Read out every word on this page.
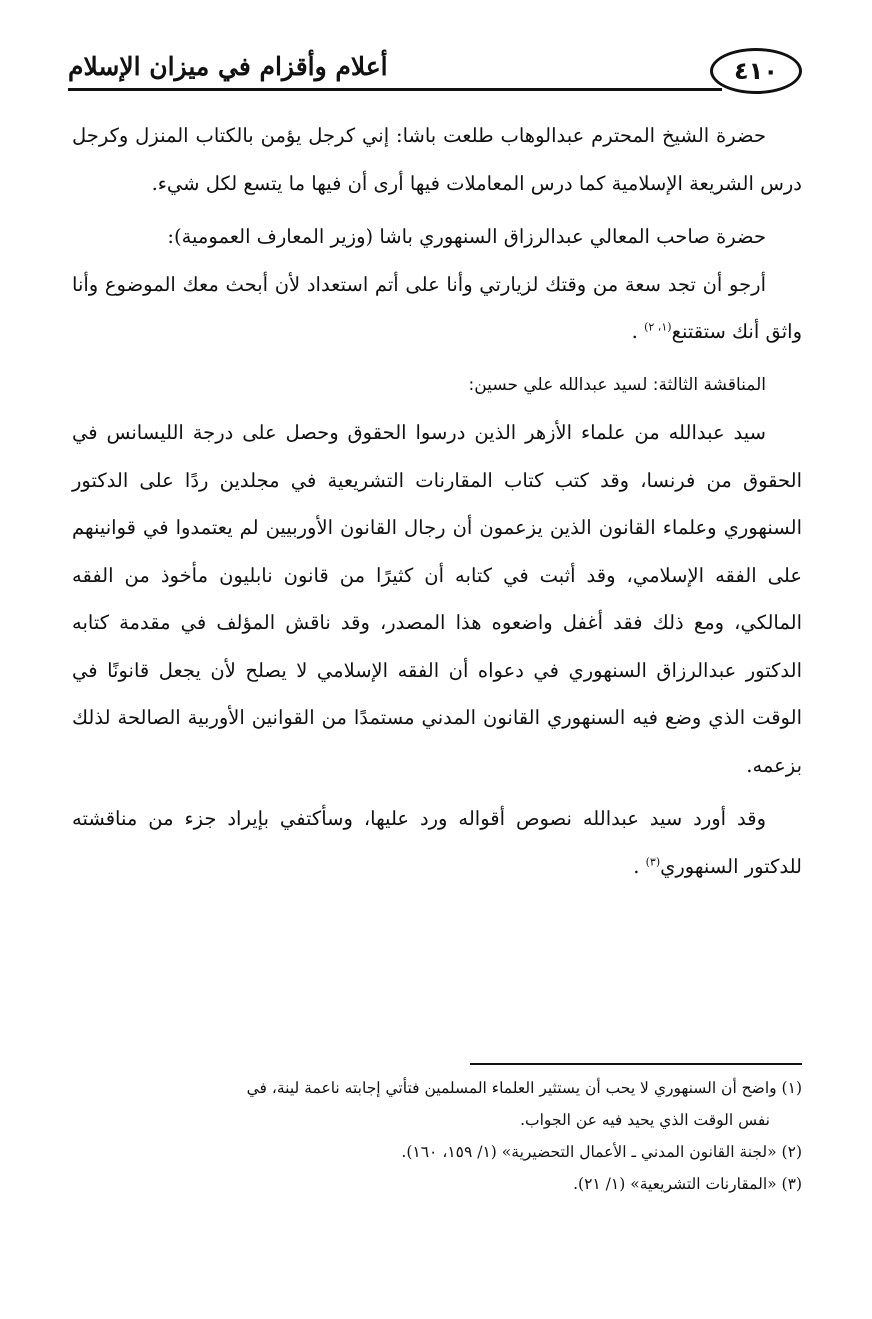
٤١٠
أعلام وأقزام في ميزان الإسلام

حضرة الشيخ المحترم عبدالوهاب طلعت باشا: إني كرجل يؤمن بالكتاب المنزل وكرجل درس الشريعة الإسلامية كما درس المعاملات فيها أرى أن فيها ما يتسع لكل شيء.

حضرة صاحب المعالي عبدالرزاق السنهوري باشا (وزير المعارف العمومية):

أرجو أن تجد سعة من وقتك لزيارتي وأنا على أتم استعداد لأن أبحث معك الموضوع وأنا واثق أنك ستقتنع$^{(١، ٢)}$ .

المناقشة الثالثة: لسيد عبدالله علي حسين:

سيد عبدالله من علماء الأزهر الذين درسوا الحقوق وحصل على درجة الليسانس في الحقوق من فرنسا، وقد كتب كتاب المقارنات التشريعية في مجلدين ردًا على الدكتور السنهوري وعلماء القانون الذين يزعمون أن رجال القانون الأوربيين لم يعتمدوا في قوانينهم على الفقه الإسلامي، وقد أثبت في كتابه أن كثيرًا من قانون نابليون مأخوذ من الفقه المالكي، ومع ذلك فقد أغفل واضعوه هذا المصدر، وقد ناقش المؤلف في مقدمة كتابه الدكتور عبدالرزاق السنهوري في دعواه أن الفقه الإسلامي لا يصلح لأن يجعل قانونًا في الوقت الذي وضع فيه السنهوري القانون المدني مستمدًا من القوانين الأوربية الصالحة لذلك بزعمه.

وقد أورد سيد عبدالله نصوص أقواله ورد عليها، وسأكتفي بإيراد جزء من مناقشته للدكتور السنهوري$^{(٣)}$ .

(١) واضح أن السنهوري لا يحب أن يستثير العلماء المسلمين فتأتي إجابته ناعمة لينة، في
نفس الوقت الذي يحيد فيه عن الجواب.

(٢) «لجنة القانون المدني ـ الأعمال التحضيرية» (١/ ١٥٩، ١٦٠).

(٣) «المقارنات التشريعية» (١/ ٢١).
